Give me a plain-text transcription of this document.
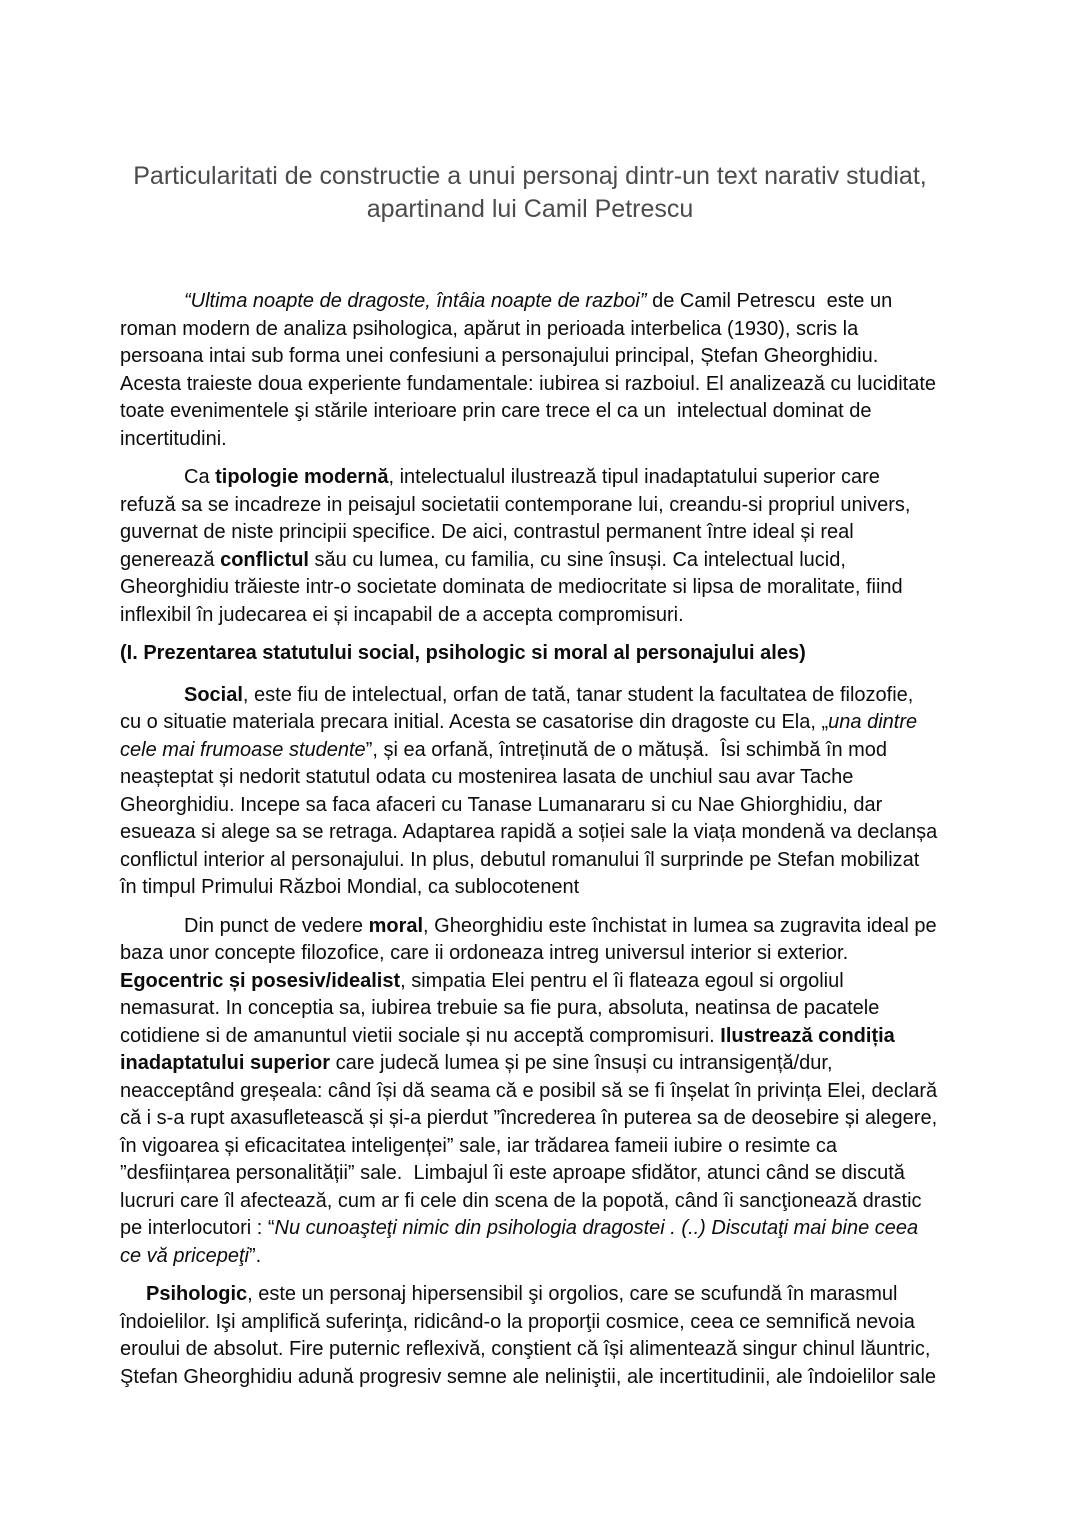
Particularitati de constructie a unui personaj dintr-un text narativ studiat, apartinand lui Camil Petrescu

“Ultima noapte de dragoste, întâia noapte de razboi” de Camil Petrescu  este un roman modern de analiza psihologica, apărut in perioada interbelica (1930), scris la persoana intai sub forma unei confesiuni a personajului principal, Ștefan Gheorghidiu. Acesta traieste doua experiente fundamentale: iubirea si razboiul. El analizează cu luciditate toate evenimentele şi stările interioare prin care trece el ca un  intelectual dominat de incertitudini.

Ca tipologie modernă, intelectualul ilustrează tipul inadaptatului superior care refuză sa se incadreze in peisajul societatii contemporane lui, creandu-si propriul univers, guvernat de niste principii specifice. De aici, contrastul permanent între ideal și real generează conflictul său cu lumea, cu familia, cu sine însuși. Ca intelectual lucid, Gheorghidiu trăieste intr-o societate dominata de mediocritate si lipsa de moralitate, fiind inflexibil în judecarea ei și incapabil de a accepta compromisuri.

(I. Prezentarea statutului social, psihologic si moral al personajului ales)

Social, este fiu de intelectual, orfan de tată, tanar student la facultatea de filozofie, cu o situatie materiala precara initial. Acesta se casatorise din dragoste cu Ela, „una dintre cele mai frumoase studente”, și ea orfană, întreținută de o mătușă.  Îsi schimbă în mod neașteptat și nedorit statutul odata cu mostenirea lasata de unchiul sau avar Tache Gheorghidiu. Incepe sa faca afaceri cu Tanase Lumanararu si cu Nae Ghiorghidiu, dar esueaza si alege sa se retraga. Adaptarea rapidă a soției sale la viața mondenă va declanșa conflictul interior al personajului. In plus, debutul romanului îl surprinde pe Stefan mobilizat în timpul Primului Război Mondial, ca sublocotenent

Din punct de vedere moral, Gheorghidiu este închistat in lumea sa zugravita ideal pe baza unor concepte filozofice, care ii ordoneaza intreg universul interior si exterior. Egocentric și posesiv/idealist, simpatia Elei pentru el îi flateaza egoul si orgoliul nemasurat. In conceptia sa, iubirea trebuie sa fie pura, absoluta, neatinsa de pacatele cotidiene si de amanuntul vietii sociale și nu acceptă compromisuri. Ilustrează condiția inadaptatului superior care judecă lumea și pe sine însuși cu intransigență/dur, neacceptând greșeala: când își dă seama că e posibil să se fi înșelat în privința Elei, declară că i s-a rupt axasufletească și și-a pierdut ”încrederea în puterea sa de deosebire și alegere, în vigoarea și eficacitatea inteligenței” sale, iar trădarea fameii iubire o resimte ca ”desființarea personalității” sale.  Limbajul îi este aproape sfidător, atunci când se discută lucruri care îl afectează, cum ar fi cele din scena de la popotă, când îi sancţionează drastic pe interlocutori : “Nu cunoaşteţi nimic din psihologia dragostei . (..) Discutaţi mai bine ceea ce vă pricepeţi”.

Psihologic, este un personaj hipersensibil şi orgolios, care se scufundă în marasmul îndoielilor. Işi amplifică suferinţa, ridicând-o la proporţii cosmice, ceea ce semnifică nevoia eroului de absolut. Fire puternic reflexivă, conştient că își alimentează singur chinul lăuntric, Ştefan Gheorghidiu adună progresiv semne ale neliniştii, ale incertitudinii, ale îndoielilor sale
